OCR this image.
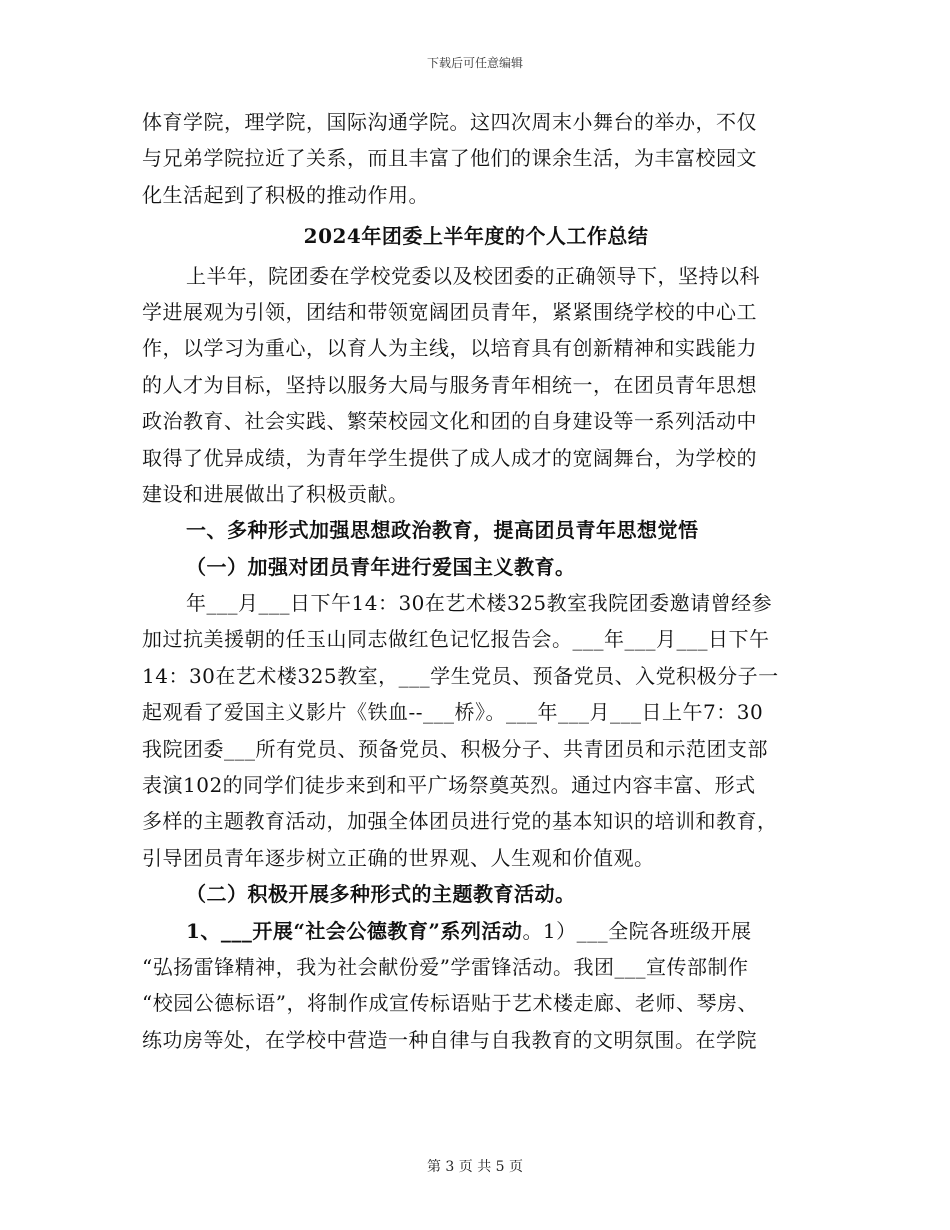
下载后可任意编辑
体育学院，理学院，国际沟通学院。这四次周末小舞台的举办，不仅
与兄弟学院拉近了关系，而且丰富了他们的课余生活，为丰富校园文
化生活起到了积极的推动作用。
2024年团委上半年度的个人工作总结
上半年，院团委在学校党委以及校团委的正确领导下，坚持以科
学进展观为引领，团结和带领宽阔团员青年，紧紧围绕学校的中心工
作，以学习为重心，以育人为主线，以培育具有创新精神和实践能力
的人才为目标，坚持以服务大局与服务青年相统一，在团员青年思想
政治教育、社会实践、繁荣校园文化和团的自身建设等一系列活动中
取得了优异成绩，为青年学生提供了成人成才的宽阔舞台，为学校的
建设和进展做出了积极贡献。
一、多种形式加强思想政治教育，提高团员青年思想觉悟
（一）加强对团员青年进行爱国主义教育。
年___月___日下午14：30在艺术楼325教室我院团委邀请曾经参
加过抗美援朝的任玉山同志做红色记忆报告会。___年___月___日下午
14：30在艺术楼325教室，___学生党员、预备党员、入党积极分子一
起观看了爱国主义影片《铁血--___桥》。___年___月___日上午7：30
我院团委___所有党员、预备党员、积极分子、共青团员和示范团支部
表演102的同学们徒步来到和平广场祭奠英烈。通过内容丰富、形式
多样的主题教育活动，加强全体团员进行党的基本知识的培训和教育，
引导团员青年逐步树立正确的世界观、人生观和价值观。
（二）积极开展多种形式的主题教育活动。
1、___开展“社会公德教育”系列活动。1）___全院各班级开展
“弘扬雷锋精神，我为社会献份爱”学雷锋活动。我团___宣传部制作
“校园公德标语”，将制作成宣传标语贴于艺术楼走廊、老师、琴房、
练功房等处，在学校中营造一种自律与自我教育的文明氛围。在学院
第 3 页 共 5 页
